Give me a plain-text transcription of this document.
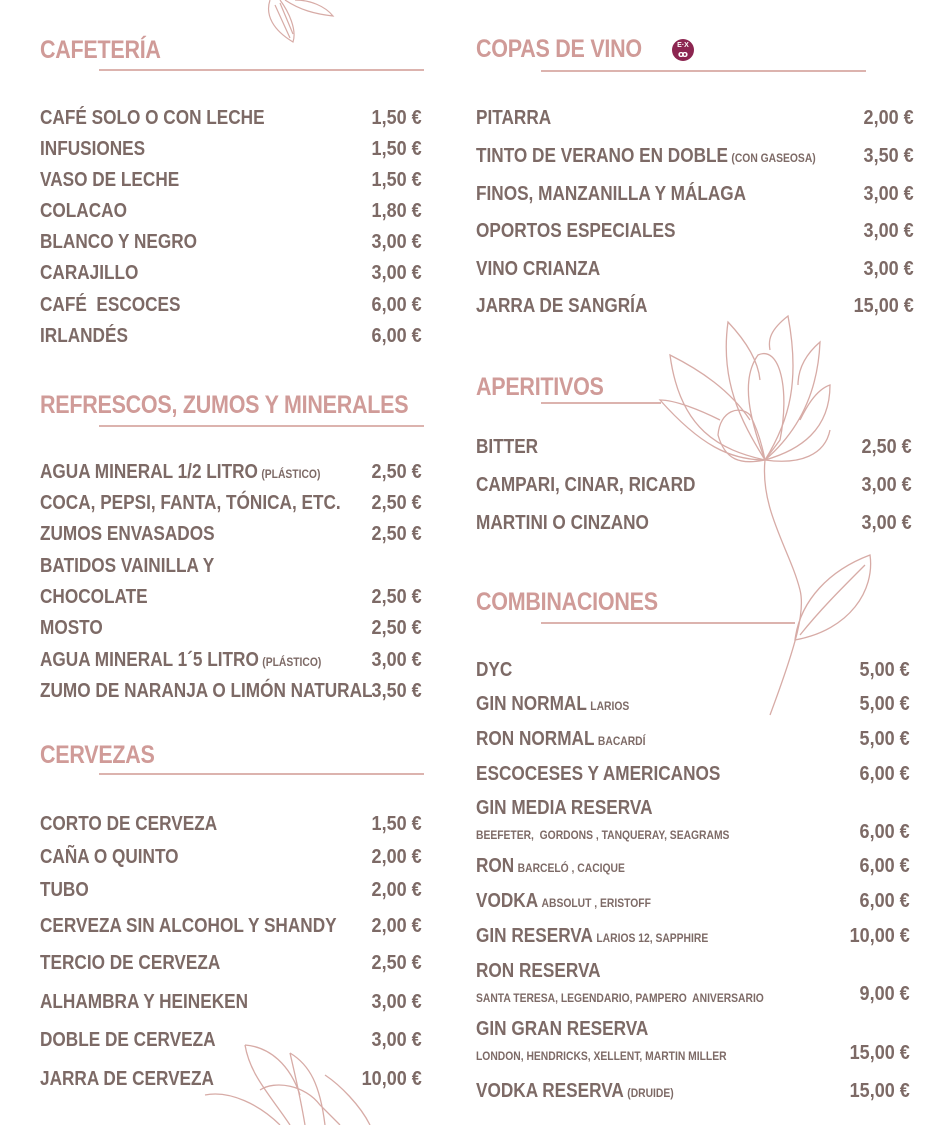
CAFETERÍA
CAFÉ SOLO O CON LECHE	1,50 €
INFUSIONES	1,50 €
VASO DE LECHE	1,50 €
COLACAO	1,80 €
BLANCO Y NEGRO	3,00 €
CARAJILLO	3,00 €
CAFÉ  ESCOCES	6,00 €
IRLANDÉS	6,00 €
REFRESCOS, ZUMOS Y MINERALES
AGUA MINERAL 1/2 LITRO (PLÁSTICO)	2,50 €
COCA, PEPSI, FANTA, TÓNICA, ETC. 2,50 €
ZUMOS ENVASADOS	2,50 €
BATIDOS VAINILLA Y
CHOCOLATE	2,50 €
MOSTO	2,50 €
AGUA MINERAL 1´5 LITRO (PLÁSTICO)	3,00 €
ZUMO DE NARANJA O LIMÓN NATURAL 3,50 €
CERVEZAS
CORTO DE CERVEZA	1,50 €
CAÑA O QUINTO	2,00 €
TUBO	2,00 €
CERVEZA SIN ALCOHOL Y SHANDY 2,00 €
TERCIO DE CERVEZA	2,50 €
ALHAMBRA Y HEINEKEN	3,00 €
DOBLE DE CERVEZA	3,00 €
JARRA DE CERVEZA	10,00 €
COPAS DE VINO	E·X
ꝏ
PITARRA	2,00 €
TINTO DE VERANO EN DOBLE (CON GASEOSA) 3,50 €
FINOS, MANZANILLA Y MÁLAGA	3,00 €
OPORTOS ESPECIALES	3,00 €
VINO CRIANZA	3,00 €
JARRA DE SANGRÍA	15,00 €
APERITIVOS
BITTER	2,50 €
CAMPARI, CINAR, RICARD	3,00 €
MARTINI O CINZANO	3,00 €
COMBINACIONES
DYC	5,00 €
GIN NORMAL LARIOS	5,00 €
RON NORMAL BACARDÍ	5,00 €
ESCOCESES Y AMERICANOS	6,00 €
GIN MEDIA RESERVA
BEEFETER,  GORDONS , TANQUERAY, SEAGRAMS	6,00 €
RON BARCELÓ , CACIQUE	6,00 €
VODKA ABSOLUT , ERISTOFF	6,00 €
GIN RESERVA LARIOS 12, SAPPHIRE	10,00 €
RON RESERVA
SANTA TERESA, LEGENDARIO, PAMPERO  ANIVERSARIO	9,00 €
GIN GRAN RESERVA
LONDON, HENDRICKS, XELLENT, MARTIN MILLER	15,00 €
VODKA RESERVA (DRUIDE)	15,00 €
